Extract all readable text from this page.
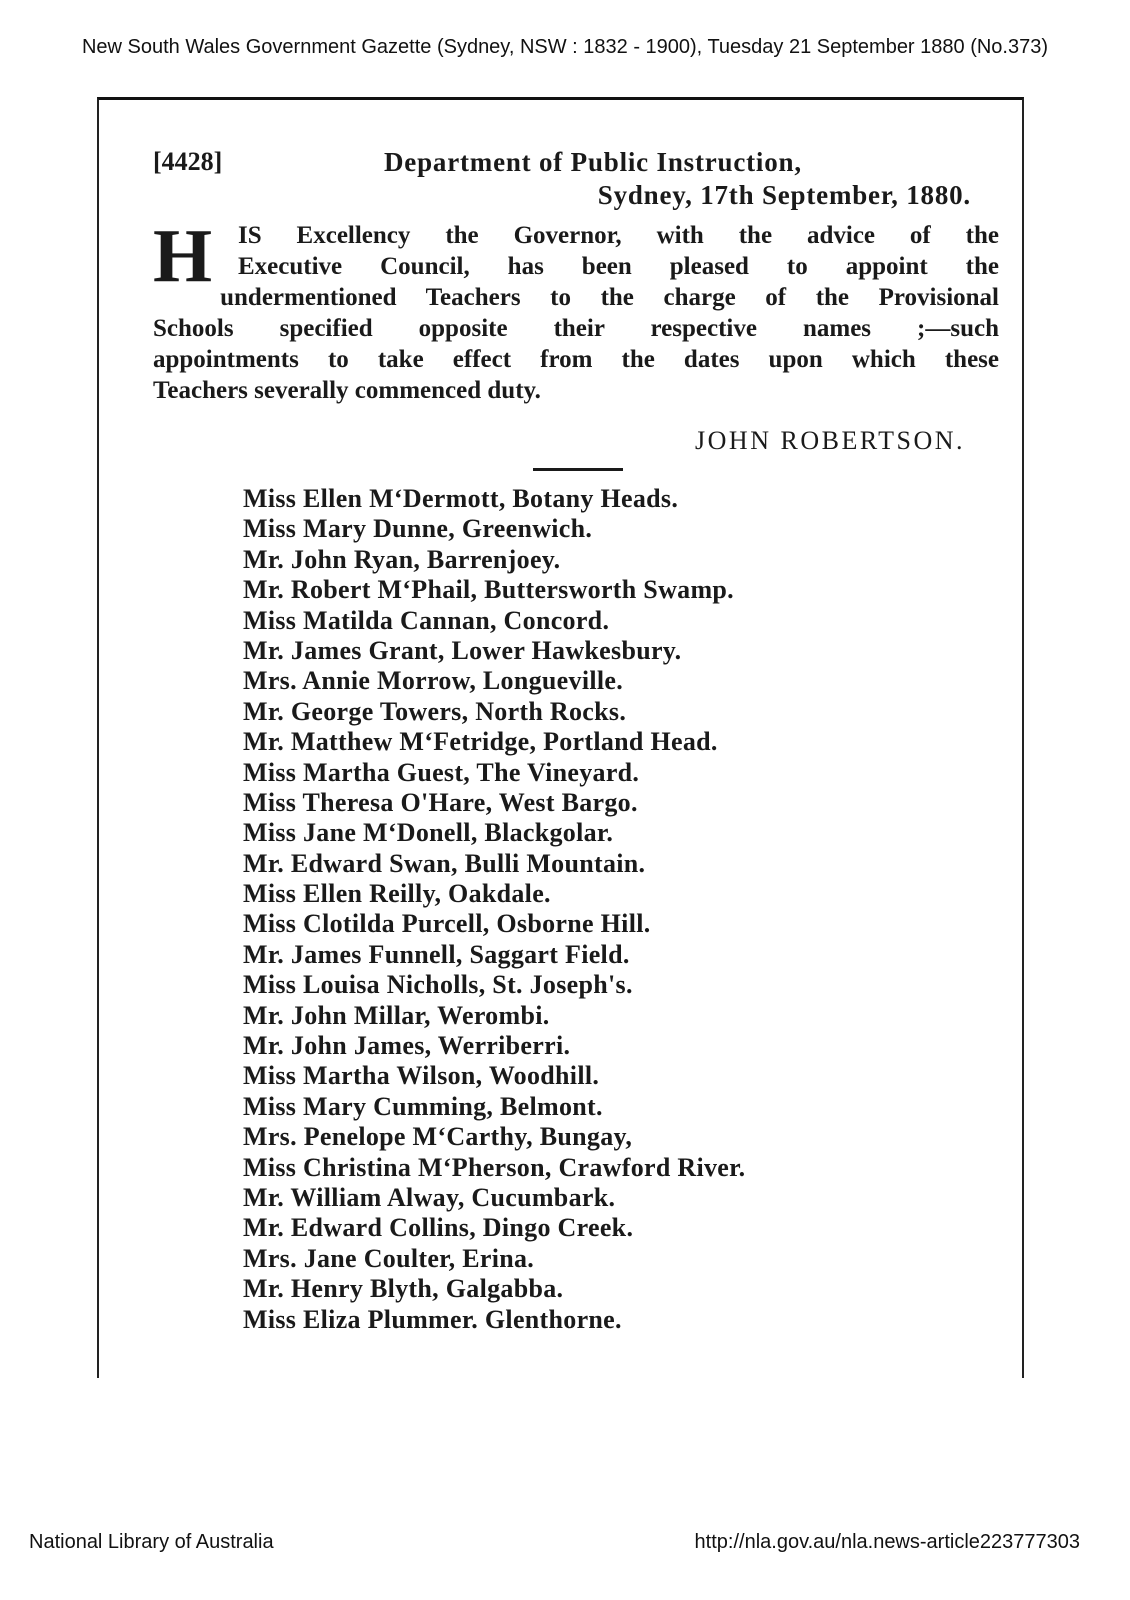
New South Wales Government Gazette (Sydney, NSW : 1832 - 1900), Tuesday 21 September 1880 (No.373)
[4428]	Department of Public Instruction,
Sydney, 17th September, 1880.
H	IS Excellency the Governor, with the advice of the
Executive Council, has been pleased to appoint the
undermentioned Teachers to the charge of the Provisional
Schools specified opposite their respective names ;—such
appointments to take effect from the dates upon which these
Teachers severally commenced duty.
JOHN ROBERTSON.
Miss Ellen M‘Dermott, Botany Heads.
Miss Mary Dunne, Greenwich.
Mr. John Ryan, Barrenjoey.
Mr. Robert M‘Phail, Buttersworth Swamp.
Miss Matilda Cannan, Concord.
Mr. James Grant, Lower Hawkesbury.
Mrs. Annie Morrow, Longueville.
Mr. George Towers, North Rocks.
Mr. Matthew M‘Fetridge, Portland Head.
Miss Martha Guest, The Vineyard.
Miss Theresa O'Hare, West Bargo.
Miss Jane M‘Donell, Blackgolar.
Mr. Edward Swan, Bulli Mountain.
Miss Ellen Reilly, Oakdale.
Miss Clotilda Purcell, Osborne Hill.
Mr. James Funnell, Saggart Field.
Miss Louisa Nicholls, St. Joseph's.
Mr. John Millar, Werombi.
Mr. John James, Werriberri.
Miss Martha Wilson, Woodhill.
Miss Mary Cumming, Belmont.
Mrs. Penelope M‘Carthy, Bungay,
Miss Christina M‘Pherson, Crawford River.
Mr. William Alway, Cucumbark.
Mr. Edward Collins, Dingo Creek.
Mrs. Jane Coulter, Erina.
Mr. Henry Blyth, Galgabba.
Miss Eliza Plummer. Glenthorne.
National Library of Australia	http://nla.gov.au/nla.news-article223777303
